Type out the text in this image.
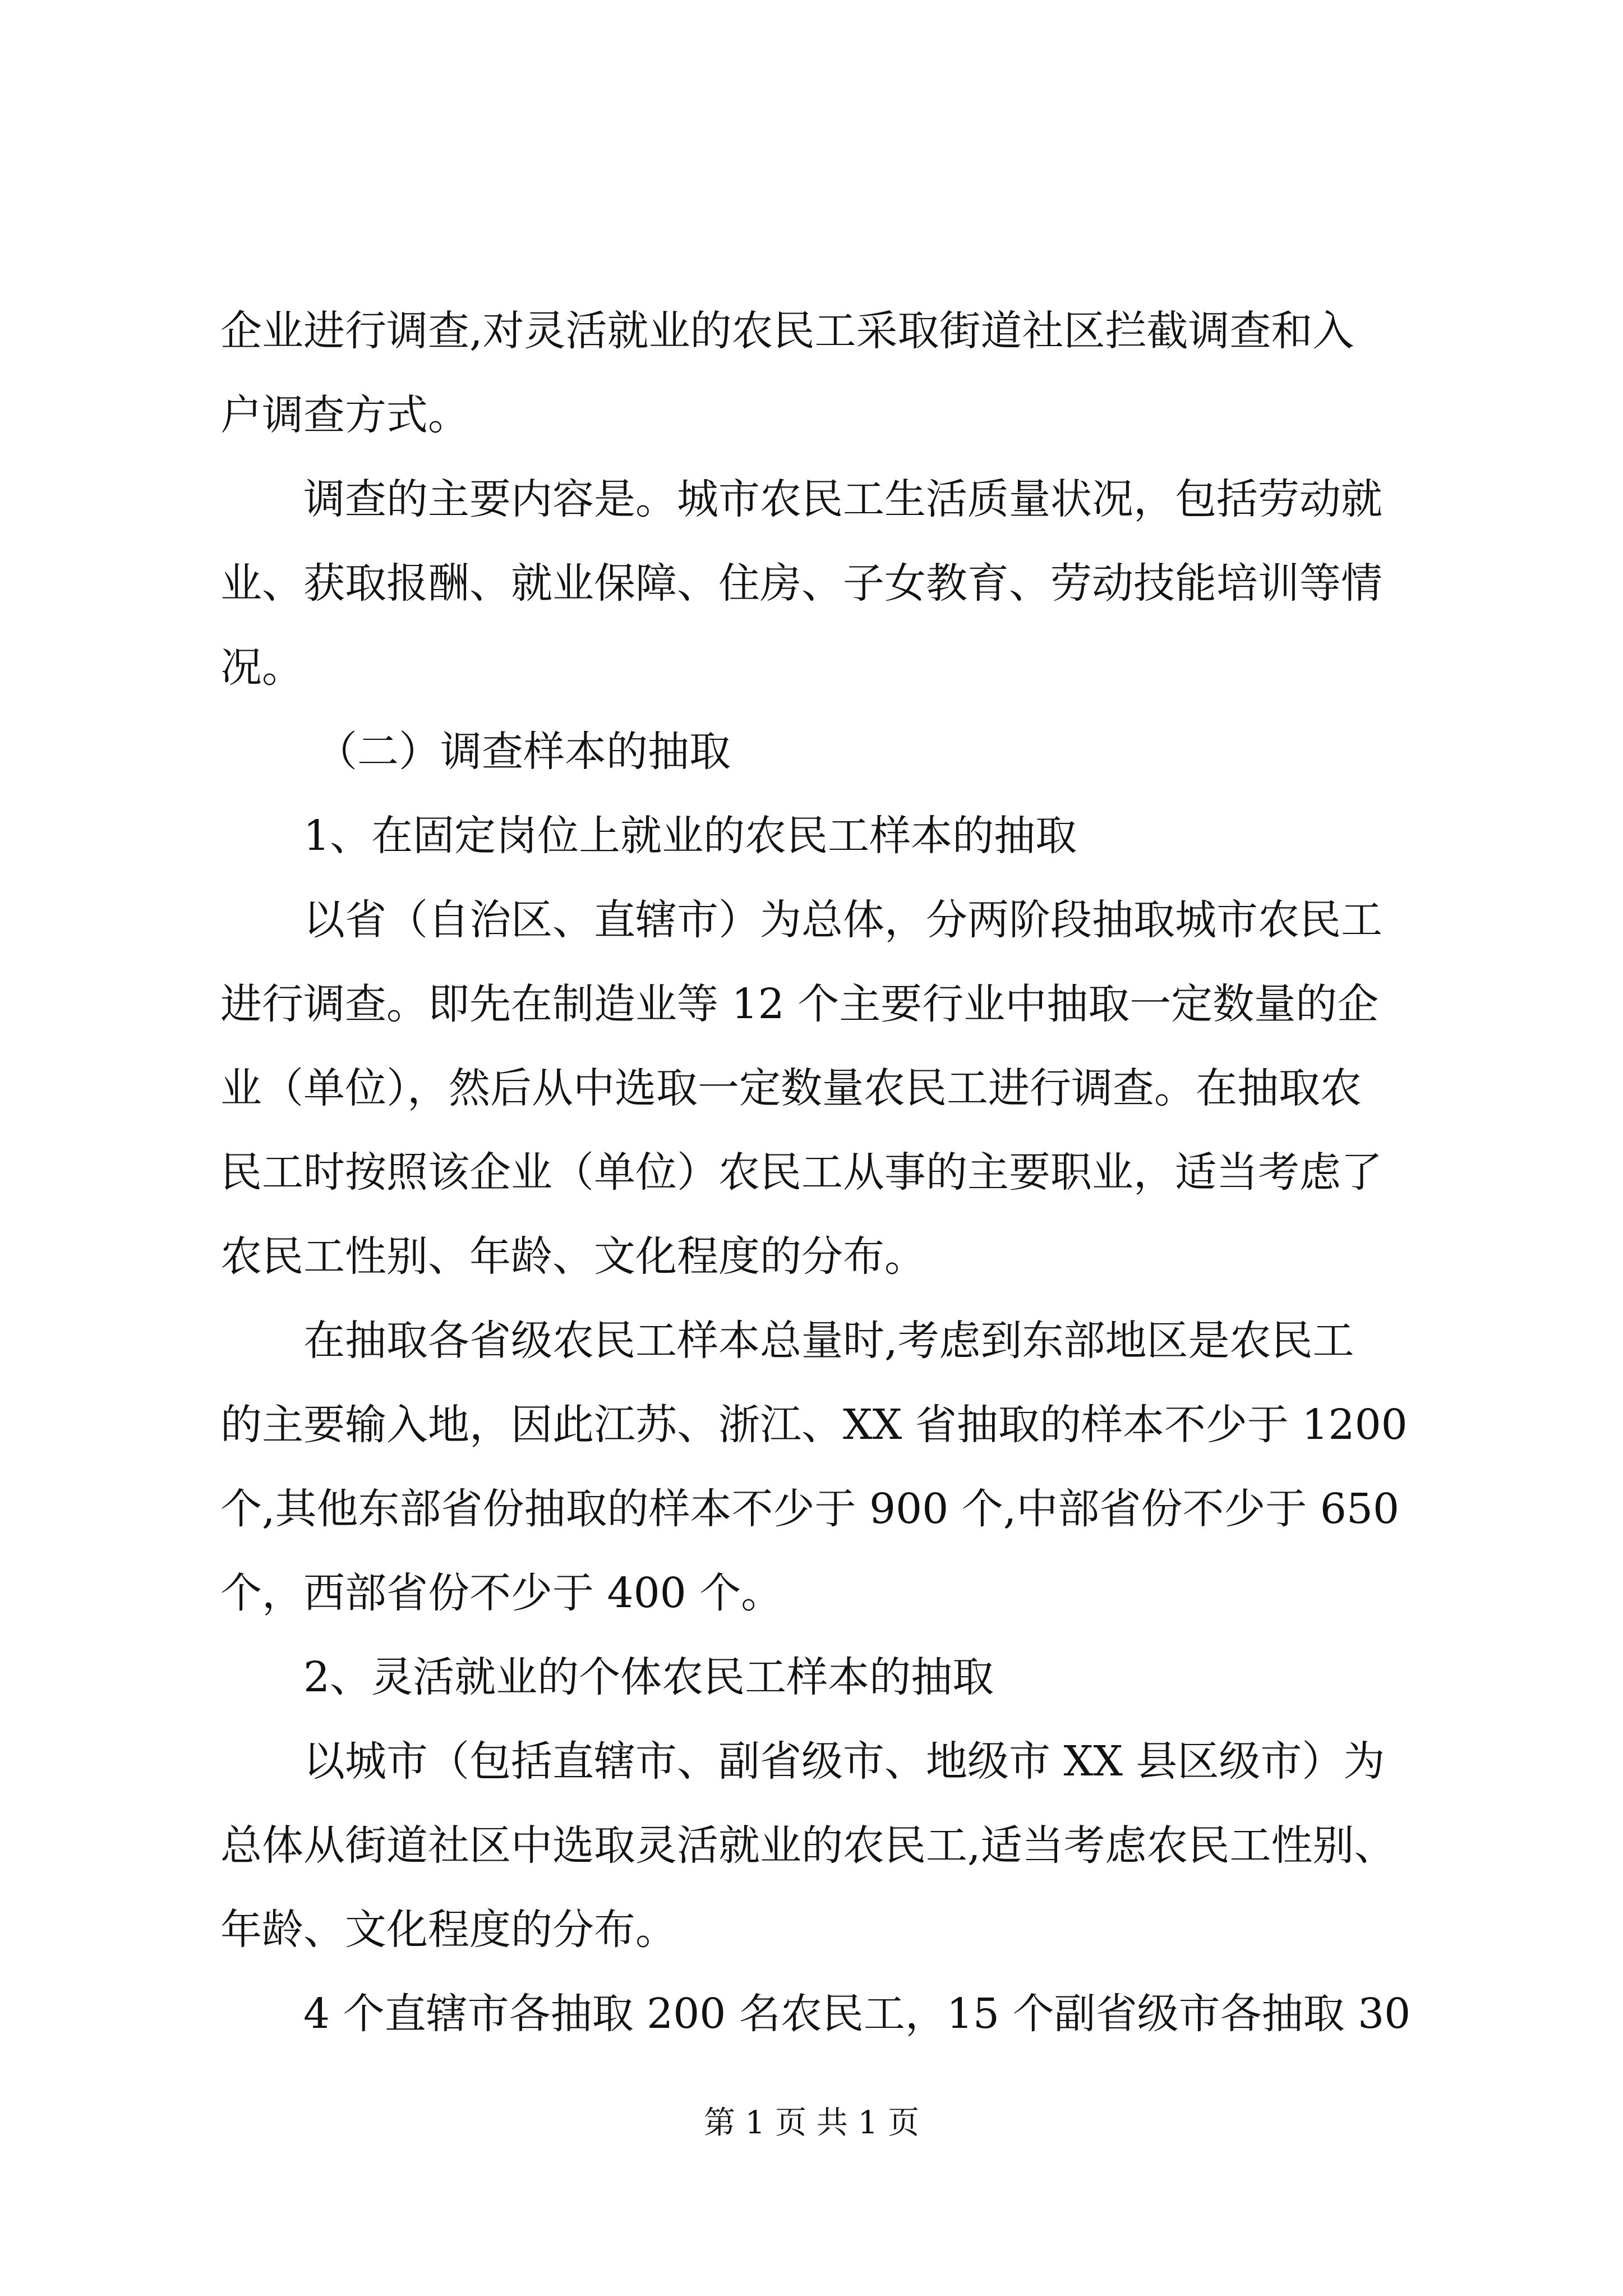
企业进行调查,对灵活就业的农民工采取街道社区拦截调查和入
户调查方式。
调查的主要内容是。城市农民工生活质量状况，包括劳动就
业、获取报酬、就业保障、住房、子女教育、劳动技能培训等情
况。
（二）调查样本的抽取
1、在固定岗位上就业的农民工样本的抽取
以省（自治区、直辖市）为总体，分两阶段抽取城市农民工
进行调查。即先在制造业等 12 个主要行业中抽取一定数量的企
业（单位），然后从中选取一定数量农民工进行调查。在抽取农
民工时按照该企业（单位）农民工从事的主要职业，适当考虑了
农民工性别、年龄、文化程度的分布。
在抽取各省级农民工样本总量时,考虑到东部地区是农民工
的主要输入地，因此江苏、浙江、XX 省抽取的样本不少于 1200
个,其他东部省份抽取的样本不少于 900 个,中部省份不少于 650
个，西部省份不少于 400 个。
2、灵活就业的个体农民工样本的抽取
以城市（包括直辖市、副省级市、地级市 XX 县区级市）为
总体从街道社区中选取灵活就业的农民工,适当考虑农民工性别、
年龄、文化程度的分布。
4 个直辖市各抽取 200 名农民工，15 个副省级市各抽取 30
第 1 页 共 1 页
